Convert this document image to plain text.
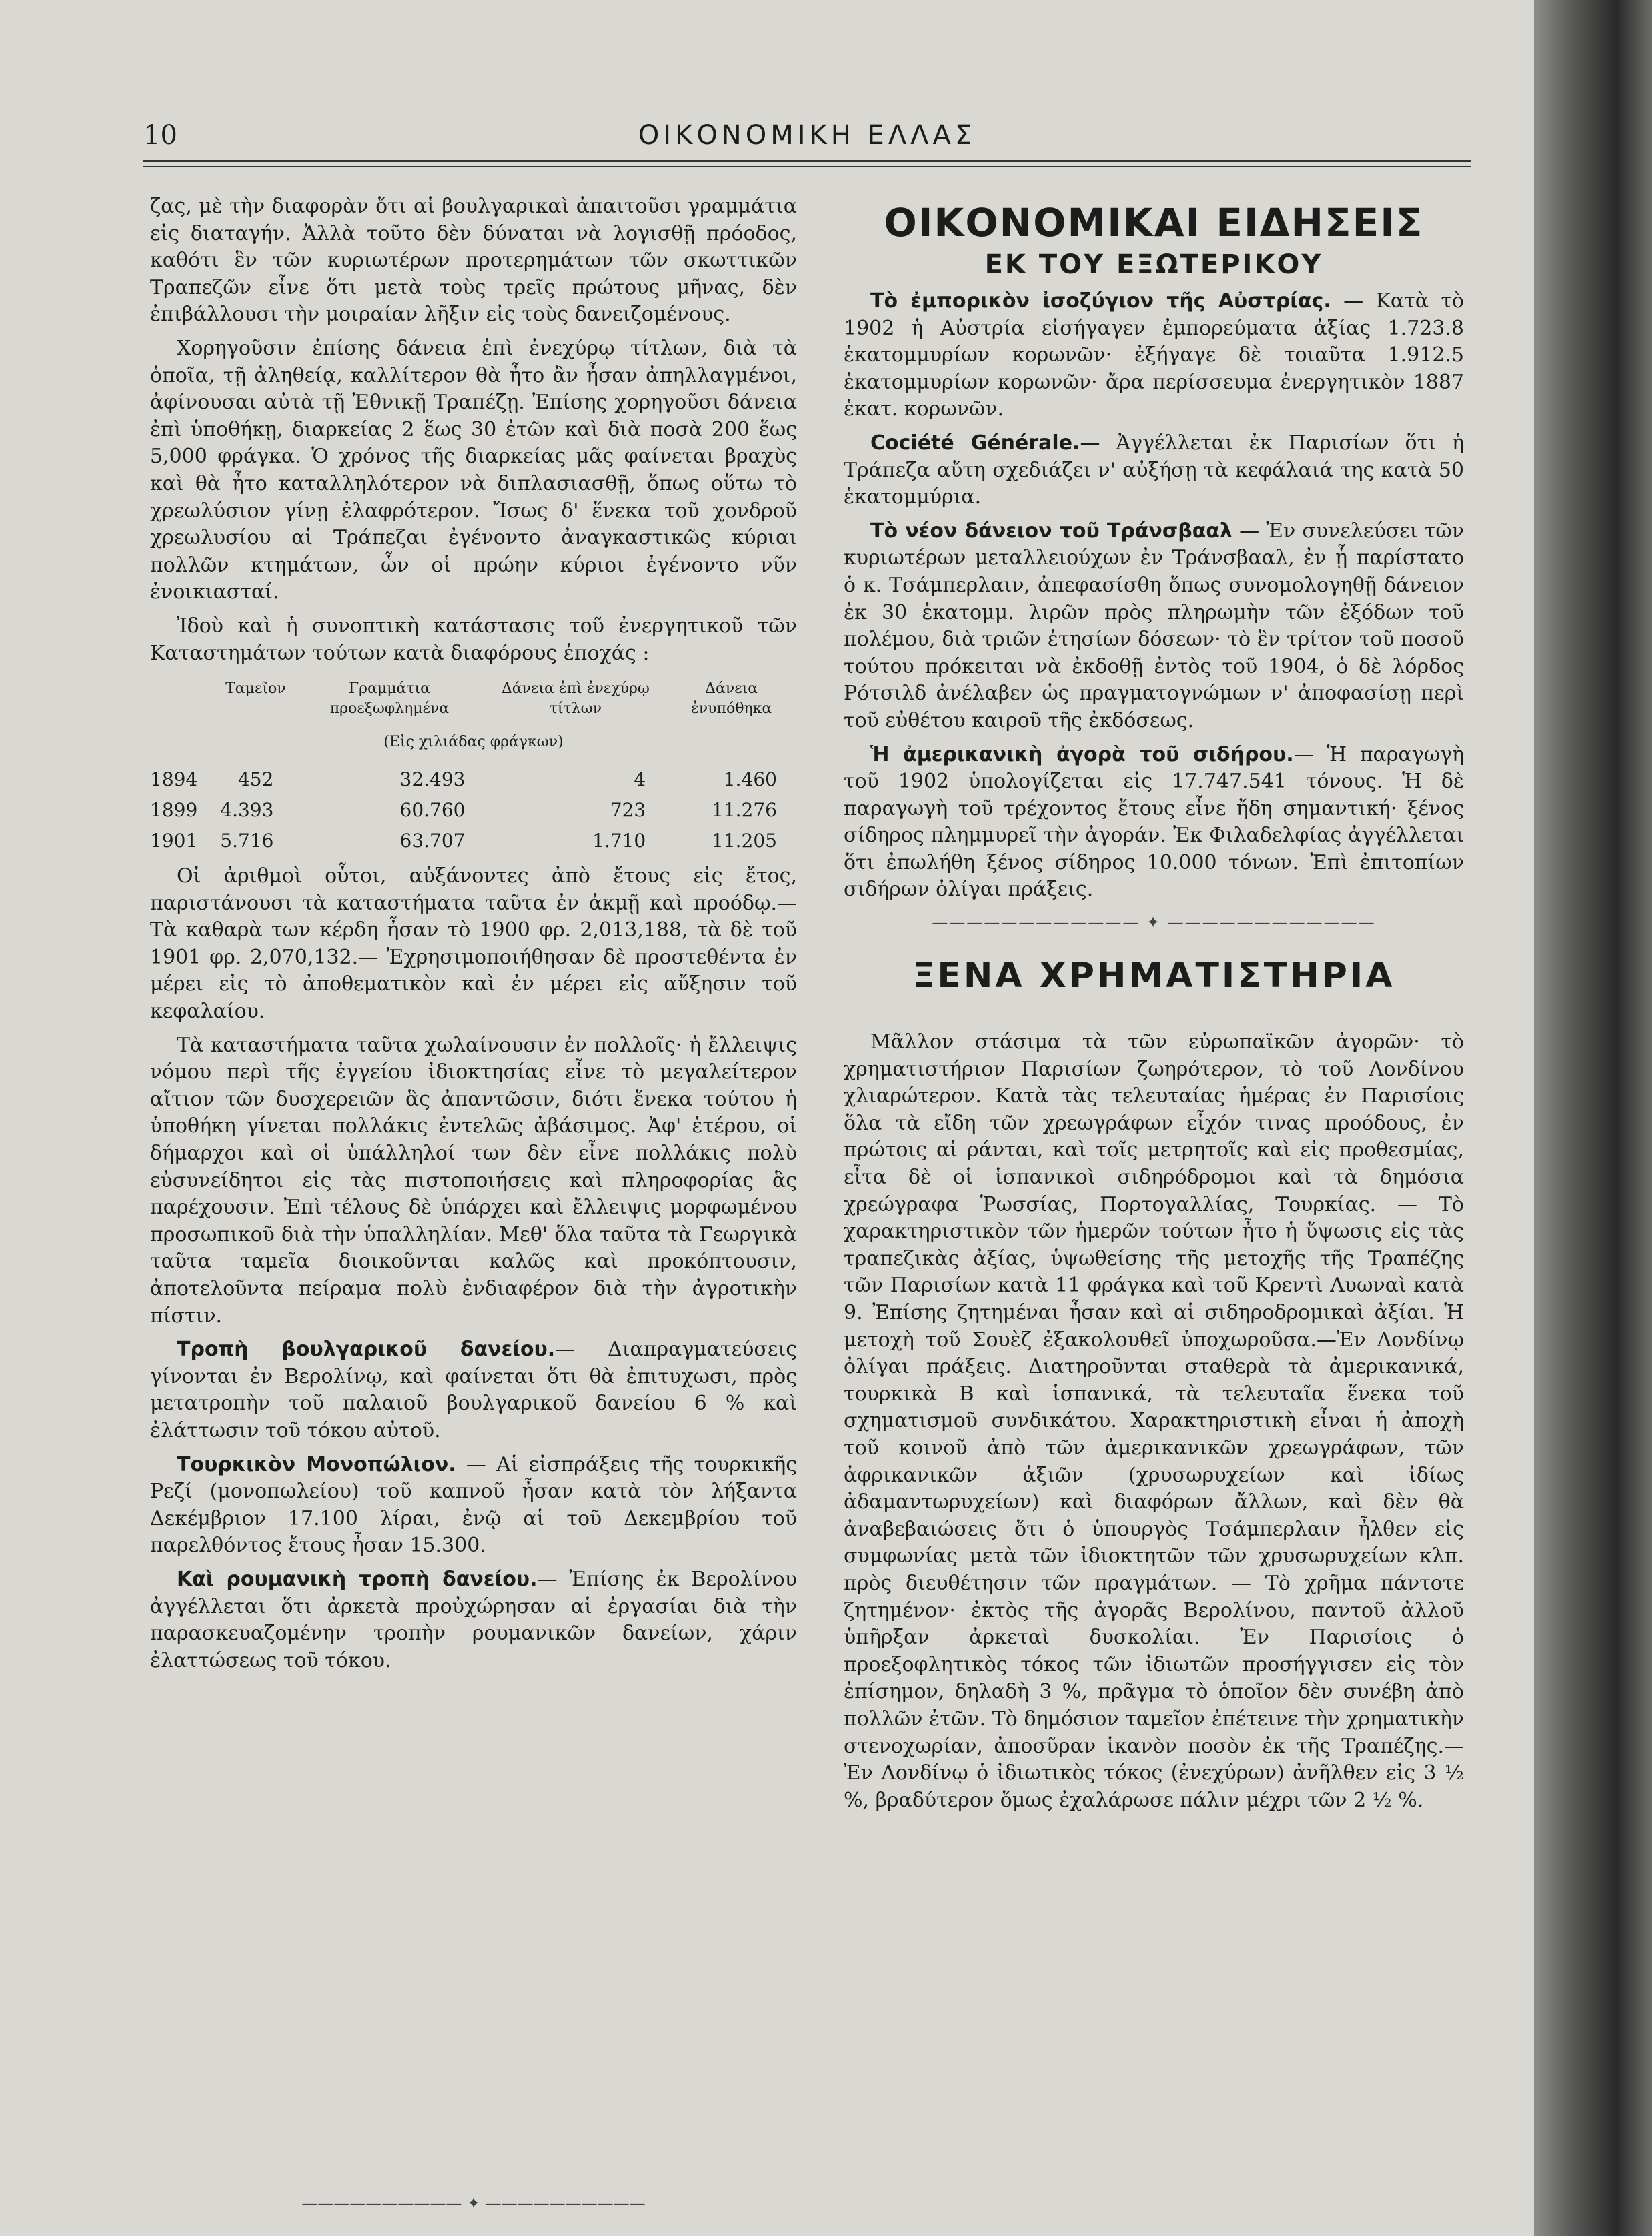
10	ΟΙΚΟΝΟΜΙΚΗ ΕΛΛΑΣ

ζας, μὲ τὴν διαφορὰν ὅτι αἱ βουλγαρικαὶ ἀπαιτοῦσι γραμμάτια εἰς διαταγήν. Ἀλλὰ τοῦτο δὲν δύναται νὰ λογισθῇ πρόοδος, καθότι ἓν τῶν κυριωτέρων προτερημάτων τῶν σκωττικῶν Τραπεζῶν εἶνε ὅτι μετὰ τοὺς τρεῖς πρώτους μῆνας, δὲν ἐπιβάλλουσι τὴν μοιραίαν λῆξιν εἰς τοὺς δανειζομένους.

Χορηγοῦσιν ἐπίσης δάνεια ἐπὶ ἐνεχύρῳ τίτλων, διὰ τὰ ὁποῖα, τῇ ἀληθείᾳ, καλλίτερον θὰ ἦτο ἂν ἦσαν ἀπηλλαγμένοι, ἀφίνουσαι αὐτὰ τῇ Ἐθνικῇ Τραπέζῃ. Ἐπίσης χορηγοῦσι δάνεια ἐπὶ ὑποθήκῃ, διαρκείας 2 ἕως 30 ἐτῶν καὶ διὰ ποσὰ 200 ἕως 5,000 φράγκα. Ὁ χρόνος τῆς διαρκείας μᾶς φαίνεται βραχὺς καὶ θὰ ἦτο καταλληλότερον νὰ διπλασιασθῇ, ὅπως οὕτω τὸ χρεωλύσιον γίνῃ ἐλαφρότερον. Ἴσως δ' ἕνεκα τοῦ χονδροῦ χρεωλυσίου αἱ Τράπεζαι ἐγένοντο ἀναγκαστικῶς κύριαι πολλῶν κτημάτων, ὧν οἱ πρώην κύριοι ἐγένοντο νῦν ἐνοικιασταί.

Ἰδοὺ καὶ ἡ συνοπτικὴ κατάστασις τοῦ ἐνεργητικοῦ τῶν Καταστημάτων τούτων κατὰ διαφόρους ἐποχάς :

	Ταμεῖον	Γραμμάτια προεξωφλημένα	Δάνεια ἐπὶ ἐνεχύρῳ τίτλων	Δάνεια ἐνυπόθηκα
(Εἰς χιλιάδας φράγκων)				
1894	452	32.493	4	1.460
1899	4.393	60.760	723	11.276
1901	5.716	63.707	1.710	11.205

Οἱ ἀριθμοὶ οὗτοι, αὐξάνοντες ἀπὸ ἔτους εἰς ἔτος, παριστάνουσι τὰ καταστήματα ταῦτα ἐν ἀκμῇ καὶ προόδῳ.— Τὰ καθαρὰ των κέρδη ἦσαν τὸ 1900 φρ. 2,013,188, τὰ δὲ τοῦ 1901 φρ. 2,070,132.— Ἐχρησιμοποιήθησαν δὲ προστεθέντα ἐν μέρει εἰς τὸ ἀποθεματικὸν καὶ ἐν μέρει εἰς αὔξησιν τοῦ κεφαλαίου.

Τὰ καταστήματα ταῦτα χωλαίνουσιν ἐν πολλοῖς· ἡ ἔλλειψις νόμου περὶ τῆς ἐγγείου ἰδιοκτησίας εἶνε τὸ μεγαλείτερον αἴτιον τῶν δυσχερειῶν ἃς ἀπαντῶσιν, διότι ἕνεκα τούτου ἡ ὑποθήκη γίνεται πολλάκις ἐντελῶς ἀβάσιμος. Ἀφ' ἑτέρου, οἱ δήμαρχοι καὶ οἱ ὑπάλληλοί των δὲν εἶνε πολλάκις πολὺ εὐσυνείδητοι εἰς τὰς πιστοποιήσεις καὶ πληροφορίας ἃς παρέχουσιν. Ἐπὶ τέλους δὲ ὑπάρχει καὶ ἔλλειψις μορφωμένου προσωπικοῦ διὰ τὴν ὑπαλληλίαν. Μεθ' ὅλα ταῦτα τὰ Γεωργικὰ ταῦτα ταμεῖα διοικοῦνται καλῶς καὶ προκόπτουσιν, ἀποτελοῦντα πείραμα πολὺ ἐνδιαφέρον διὰ τὴν ἀγροτικὴν πίστιν.

Τροπὴ βουλγαρικοῦ δανείου.— Διαπραγματεύσεις γίνονται ἐν Βερολίνῳ, καὶ φαίνεται ὅτι θὰ ἐπιτυχωσι, πρὸς μετατροπὴν τοῦ παλαιοῦ βουλγαρικοῦ δανείου 6 % καὶ ἐλάττωσιν τοῦ τόκου αὐτοῦ.

Τουρκικὸν Μονοπώλιον. — Αἱ εἰσπράξεις τῆς τουρκικῆς Ρεζί (μονοπωλείου) τοῦ καπνοῦ ἦσαν κατὰ τὸν λήξαντα Δεκέμβριον 17.100 λίραι, ἐνῷ αἱ τοῦ Δεκεμβρίου τοῦ παρελθόντος ἔτους ἦσαν 15.300.

Καὶ ρουμανικὴ τροπὴ δανείου.— Ἐπίσης ἐκ Βερολίνου ἀγγέλλεται ὅτι ἀρκετὰ προὐχώρησαν αἱ ἐργασίαι διὰ τὴν παρασκευαζομένην τροπὴν ρουμανικῶν δανείων, χάριν ἐλαττώσεως τοῦ τόκου.

—————————— ✦ ——————————
ΟΙΚΟΝΟΜΙΚΑΙ ΕΙΔΗΣΕΙΣ
ΕΚ ΤΟΥ ΕΞΩΤΕΡΙΚΟΥ

Τὸ ἐμπορικὸν ἰσοζύγιον τῆς Αὐστρίας. — Κατὰ τὸ 1902 ἡ Αὐστρία εἰσήγαγεν ἐμπορεύματα ἀξίας 1.723.8 ἑκατομμυρίων κορωνῶν· ἐξήγαγε δὲ τοιαῦτα 1.912.5 ἑκατομμυρίων κορωνῶν· ἄρα περίσσευμα ἐνεργητικὸν 1887 ἑκατ. κορωνῶν.

Cociété Générale.— Ἀγγέλλεται ἐκ Παρισίων ὅτι ἡ Τράπεζα αὕτη σχεδιάζει ν' αὐξήσῃ τὰ κεφάλαιά της κατὰ 50 ἑκατομμύρια.

Τὸ νέον δάνειον τοῦ Τράνσβααλ — Ἐν συνελεύσει τῶν κυριωτέρων μεταλλειούχων ἐν Τράνσβααλ, ἐν ᾗ παρίστατο ὁ κ. Τσάμπερλαιν, ἀπεφασίσθη ὅπως συνομολογηθῇ δάνειον ἐκ 30 ἑκατομμ. λιρῶν πρὸς πληρωμὴν τῶν ἐξόδων τοῦ πολέμου, διὰ τριῶν ἐτησίων δόσεων· τὸ ἓν τρίτον τοῦ ποσοῦ τούτου πρόκειται νὰ ἐκδοθῇ ἐντὸς τοῦ 1904, ὁ δὲ λόρδος Ρότσιλδ ἀνέλαβεν ὡς πραγματογνώμων ν' ἀποφασίσῃ περὶ τοῦ εὐθέτου καιροῦ τῆς ἐκδόσεως.

Ἡ ἀμερικανικὴ ἀγορὰ τοῦ σιδήρου.— Ἡ παραγωγὴ τοῦ 1902 ὑπολογίζεται εἰς 17.747.541 τόνους. Ἡ δὲ παραγωγὴ τοῦ τρέχοντος ἔτους εἶνε ἤδη σημαντική· ξένος σίδηρος πλημμυρεῖ τὴν ἀγοράν. Ἐκ Φιλαδελφίας ἀγγέλλεται ὅτι ἐπωλήθη ξένος σίδηρος 10.000 τόνων. Ἐπὶ ἐπιτοπίων σιδήρων ὀλίγαι πράξεις.

———————————— ✦ ————————————
ΞΕΝΑ ΧΡΗΜΑΤΙΣΤΗΡΙΑ

Μᾶλλον στάσιμα τὰ τῶν εὐρωπαϊκῶν ἀγορῶν· τὸ χρηματιστήριον Παρισίων ζωηρότερον, τὸ τοῦ Λονδίνου χλιαρώτερον. Κατὰ τὰς τελευταίας ἡμέρας ἐν Παρισίοις ὅλα τὰ εἴδη τῶν χρεωγράφων εἶχόν τινας προόδους, ἐν πρώτοις αἱ ράνται, καὶ τοῖς μετρητοῖς καὶ εἰς προθεσμίας, εἶτα δὲ οἱ ἱσπανικοὶ σιδηρόδρομοι καὶ τὰ δημόσια χρεώγραφα Ῥωσσίας, Πορτογαλλίας, Τουρκίας. — Τὸ χαρακτηριστικὸν τῶν ἡμερῶν τούτων ἦτο ἡ ὕψωσις εἰς τὰς τραπεζικὰς ἀξίας, ὑψωθείσης τῆς μετοχῆς τῆς Τραπέζης τῶν Παρισίων κατὰ 11 φράγκα καὶ τοῦ Κρεντὶ Λυωναὶ κατὰ 9. Ἐπίσης ζητημέναι ἦσαν καὶ αἱ σιδηροδρομικαὶ ἀξίαι. Ἡ μετοχὴ τοῦ Σουὲζ ἐξακολουθεῖ ὑποχωροῦσα.—Ἐν Λονδίνῳ ὀλίγαι πράξεις. Διατηροῦνται σταθερὰ τὰ ἀμερικανικά, τουρκικὰ Β καὶ ἱσπανικά, τὰ τελευταῖα ἕνεκα τοῦ σχηματισμοῦ συνδικάτου. Χαρακτηριστικὴ εἶναι ἡ ἀποχὴ τοῦ κοινοῦ ἀπὸ τῶν ἀμερικανικῶν χρεωγράφων, τῶν ἀφρικανικῶν ἀξιῶν (χρυσωρυχείων καὶ ἰδίως ἀδαμαντωρυχείων) καὶ διαφόρων ἄλλων, καὶ δὲν θὰ ἀναβεβαιώσεις ὅτι ὁ ὑπουργὸς Τσάμπερλαιν ἦλθεν εἰς συμφωνίας μετὰ τῶν ἰδιοκτητῶν τῶν χρυσωρυχείων κλπ. πρὸς διευθέτησιν τῶν πραγμάτων. — Τὸ χρῆμα πάντοτε ζητημένον· ἐκτὸς τῆς ἀγορᾶς Βερολίνου, παντοῦ ἀλλοῦ ὑπῆρξαν ἀρκεταὶ δυσκολίαι. Ἐν Παρισίοις ὁ προεξοφλητικὸς τόκος τῶν ἰδιωτῶν προσήγγισεν εἰς τὸν ἐπίσημον, δηλαδὴ 3 %, πρᾶγμα τὸ ὁποῖον δὲν συνέβη ἀπὸ πολλῶν ἐτῶν. Τὸ δημόσιον ταμεῖον ἐπέτεινε τὴν χρηματικὴν στενοχωρίαν, ἀποσῦραν ἱκανὸν ποσὸν ἐκ τῆς Τραπέζης.— Ἐν Λονδίνῳ ὁ ἰδιωτικὸς τόκος (ἐνεχύρων) ἀνῆλθεν εἰς 3 ½ %, βραδύτερον ὅμως ἐχαλάρωσε πάλιν μέχρι τῶν 2 ½ %.
